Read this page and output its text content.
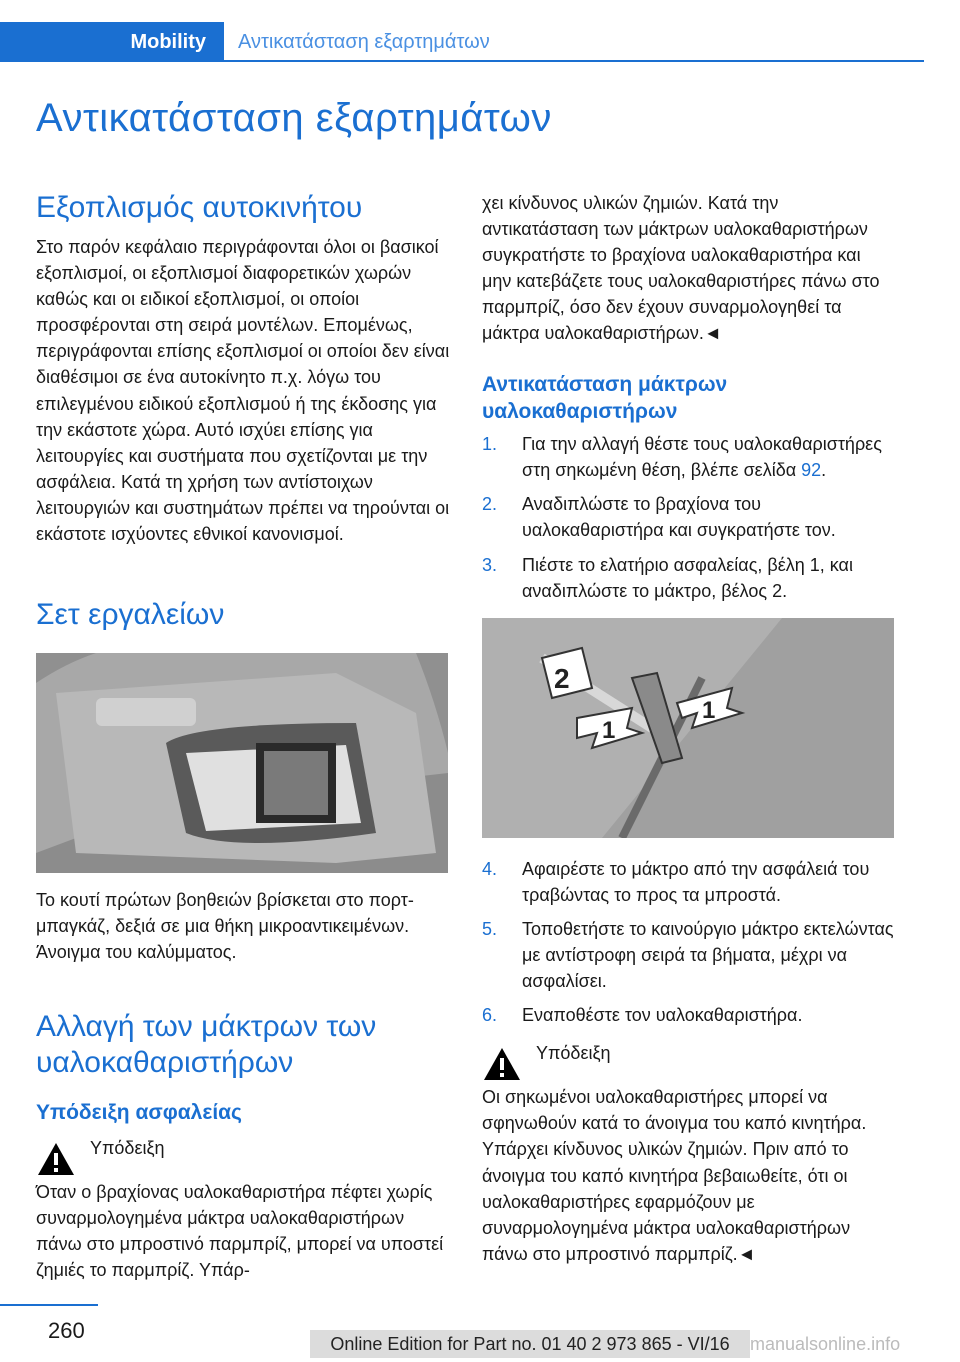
Mobility	Αντικατάσταση εξαρτημάτων
Αντικατάσταση εξαρτημάτων
Εξοπλισμός αυτοκινήτου

Στο παρόν κεφάλαιο περιγράφονται όλοι οι βασικοί εξοπλισμοί, οι εξοπλισμοί διαφορετικών χωρών καθώς και οι ειδικοί εξοπλισμοί, οι οποίοι προσφέρονται στη σειρά μοντέλων. Επομένως, περιγράφονται επίσης εξοπλισμοί οι οποίοι δεν είναι διαθέσιμοι σε ένα αυτοκίνητο π.χ. λόγω του επιλεγμένου ειδικού εξοπλισμού ή της έκδοσης για την εκάστοτε χώρα. Αυτό ισχύει επίσης για λειτουργίες και συστήματα που σχετίζονται με την ασφάλεια. Κατά τη χρήση των αντίστοιχων λειτουργιών και συστημάτων πρέπει να τηρούνται οι εκάστοτε ισχύοντες εθνικοί κανονισμοί.

Σετ εργαλείων

Το κουτί πρώτων βοηθειών βρίσκεται στο πορτ-μπαγκάζ, δεξιά σε μια θήκη μικροαντικειμένων. Άνοιγμα του καλύμματος.

Αλλαγή των μάκτρων των υαλοκαθαριστήρων
Υπόδειξη ασφαλείας

Υπόδειξη

Όταν ο βραχίονας υαλοκαθαριστήρα πέφτει χωρίς συναρμολογημένα μάκτρα υαλοκαθαριστήρων πάνω στο μπροστινό παρμπρίζ, μπορεί να υποστεί ζημιές το παρμπρίζ. Υπάρ-

χει κίνδυνος υλικών ζημιών. Κατά την αντικατάσταση των μάκτρων υαλοκαθαριστήρων συγκρατήστε το βραχίονα υαλοκαθαριστήρα και μην κατεβάζετε τους υαλοκαθαριστήρες πάνω στο παρμπρίζ, όσο δεν έχουν συναρμολογηθεί τα μάκτρα υαλοκαθαριστήρων.◄

Αντικατάσταση μάκτρων υαλοκαθαριστήρων
1.	Για την αλλαγή θέστε τους υαλοκαθαριστήρες στη σηκωμένη θέση, βλέπε σελίδα 92.
2.	Αναδιπλώστε το βραχίονα του υαλοκαθαριστήρα και συγκρατήστε τον.
3.	Πιέστε το ελατήριο ασφαλείας, βέλη 1, και αναδιπλώστε το μάκτρο, βέλος 2.
2
1
1
4.	Αφαιρέστε το μάκτρο από την ασφάλειά του τραβώντας το προς τα μπροστά.
5.	Τοποθετήστε το καινούργιο μάκτρο εκτελώντας με αντίστροφη σειρά τα βήματα, μέχρι να ασφαλίσει.
6.	Εναποθέστε τον υαλοκαθαριστήρα.

Υπόδειξη

Οι σηκωμένοι υαλοκαθαριστήρες μπορεί να σφηνωθούν κατά το άνοιγμα του καπό κινητήρα. Υπάρχει κίνδυνος υλικών ζημιών. Πριν από το άνοιγμα του καπό κινητήρα βεβαιωθείτε, ότι οι υαλοκαθαριστήρες εφαρμόζουν με συναρμολογημένα μάκτρα υαλοκαθαριστήρων πάνω στο μπροστινό παρμπρίζ.◄

260
Online Edition for Part no. 01 40 2 973 865 - VI/16	manualsonline.info
